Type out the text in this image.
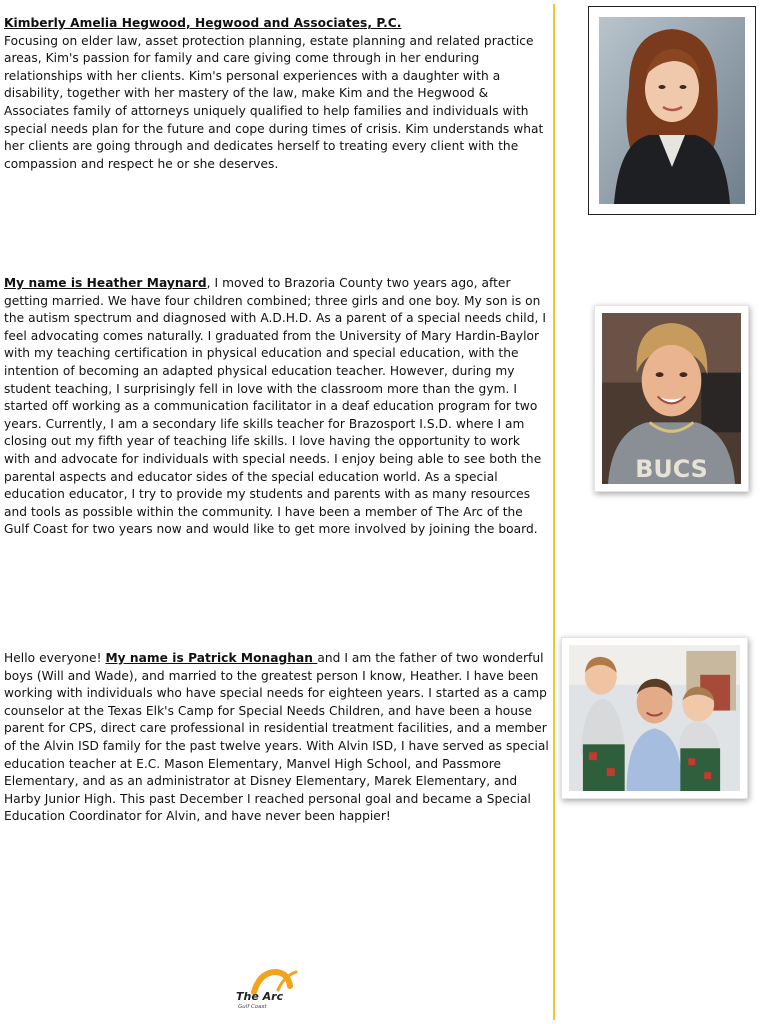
Kimberly Amelia Hegwood, Hegwood and Associates, P.C.
Focusing on elder law, asset protection planning, estate planning and related practice areas, Kim's passion for family and care giving come through in her enduring relationships with her clients. Kim's personal experiences with a daughter with a disability, together with her mastery of the law, make Kim and the Hegwood & Associates family of attorneys uniquely qualified to help families and individuals with special needs plan for the future and cope during times of crisis. Kim understands what her clients are going through and dedicates herself to treating every client with the compassion and respect he or she deserves.

My name is Heather Maynard, I moved to Brazoria County two years ago, after getting married. We have four children combined; three girls and one boy. My son is on the autism spectrum and diagnosed with A.D.H.D. As a parent of a special needs child, I feel advocating comes naturally. I graduated from the University of Mary Hardin-Baylor with my teaching certification in physical education and special education, with the intention of becoming an adapted physical education teacher. However, during my student teaching, I surprisingly fell in love with the classroom more than the gym. I started off working as a communication facilitator in a deaf education program for two years. Currently, I am a secondary life skills teacher for Brazosport I.S.D. where I am closing out my fifth year of teaching life skills. I love having the opportunity to work with and advocate for individuals with special needs. I enjoy being able to see both the parental aspects and educator sides of the special education world. As a special education educator, I try to provide my students and parents with as many resources and tools as possible within the community. I have been a member of The Arc of the Gulf Coast for two years now and would like to get more involved by joining the board.

Hello everyone! My name is Patrick Monaghan and I am the father of two wonderful boys (Will and Wade), and married to the greatest person I know, Heather. I have been working with individuals who have special needs for eighteen years. I started as a camp counselor at the Texas Elk's Camp for Special Needs Children, and have been a house parent for CPS, direct care professional in residential treatment facilities, and a member of the Alvin ISD family for the past twelve years. With Alvin ISD, I have served as special education teacher at E.C. Mason Elementary, Manvel High School, and Passmore Elementary, and as an administrator at Disney Elementary, Marek Elementary, and Harby Junior High. This past December I reached personal goal and became a Special Education Coordinator for Alvin, and have never been happier!

BUCS
The Arc
Gulf Coast
